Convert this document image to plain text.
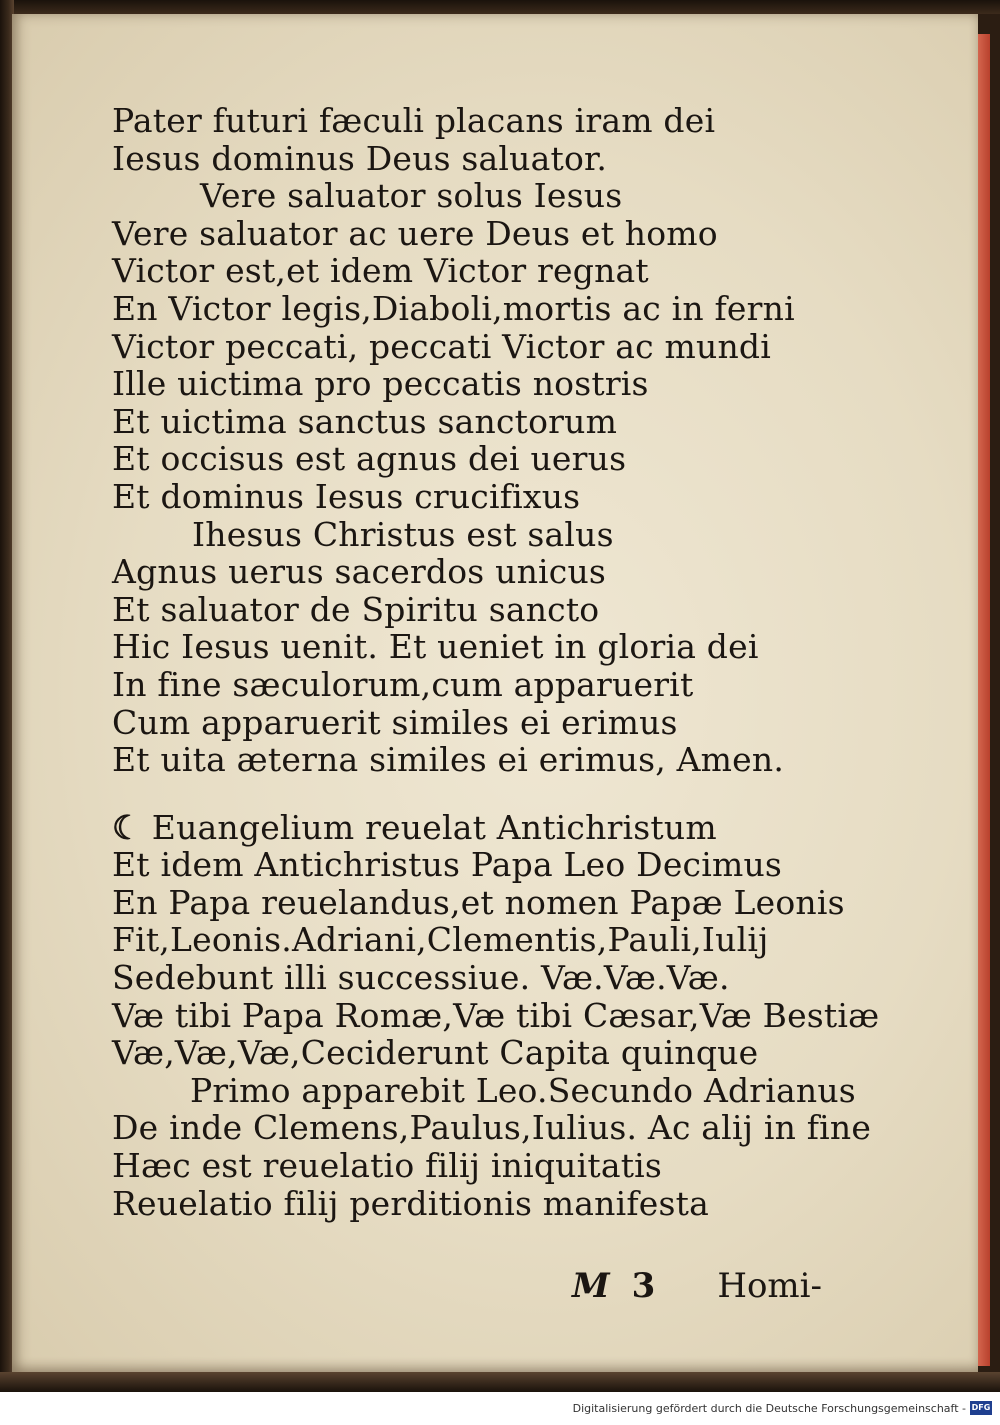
Pater futuri fæculi placans iram dei
Iesus dominus Deus saluator.
Vere saluator solus Iesus
Vere saluator ac uere Deus et homo
Victor est,et idem Victor regnat
En Victor legis,Diaboli,mortis ac in ferni
Victor peccati, peccati Victor ac mundi
Ille uictima pro peccatis nostris
Et uictima sanctus sanctorum
Et occisus est agnus dei uerus
Et dominus Iesus crucifixus
Ihesus Christus est salus
Agnus uerus sacerdos unicus
Et saluator de Spiritu sancto
Hic Iesus uenit. Et ueniet in gloria dei
In fine sæculorum,cum apparuerit
Cum apparuerit similes ei erimus
Et uita æterna similes ei erimus, Amen.
☾ Euangelium reuelat Antichristum
Et idem Antichristus Papa Leo Decimus
En Papa reuelandus,et nomen Papæ Leonis
Fit,Leonis.Adriani,Clementis,Pauli,Iulij
Sedebunt illi successiue. Væ.Væ.Væ.
Væ tibi Papa Romæ,Væ tibi Cæsar,Væ Bestiæ
Væ,Væ,Væ,Ceciderunt Capita quinque
Primo apparebit Leo.Secundo Adrianus
De inde Clemens,Paulus,Iulius. Ac alij in fine
Hæc est reuelatio filij iniquitatis
Reuelatio filij perditionis manifesta
M 3 Homi-
Digitalisierung gefördert durch die Deutsche Forschungsgemeinschaft - DFG
